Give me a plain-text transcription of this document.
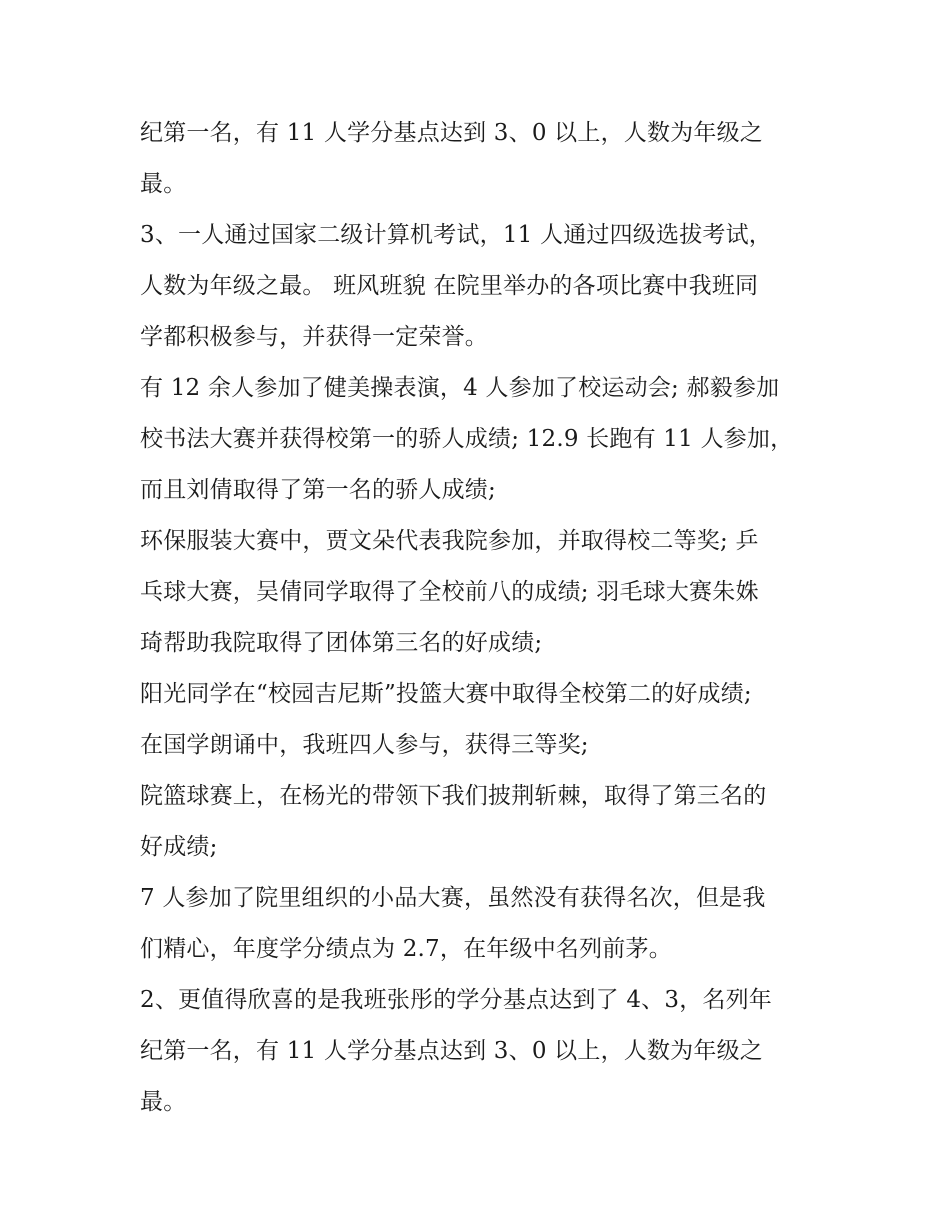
纪第一名，有 11 人学分基点达到 3、0 以上，人数为年级之
最。
3、一人通过国家二级计算机考试，11 人通过四级选拔考试，
人数为年级之最。 班风班貌 在院里举办的各项比赛中我班同
学都积极参与，并获得一定荣誉。
有 12 余人参加了健美操表演，4 人参加了校运动会; 郝毅参加
校书法大赛并获得校第一的骄人成绩; 12.9 长跑有 11 人参加，
而且刘倩取得了第一名的骄人成绩;
环保服装大赛中，贾文朵代表我院参加，并取得校二等奖; 乒
乓球大赛，吴倩同学取得了全校前八的成绩; 羽毛球大赛朱姝
琦帮助我院取得了团体第三名的好成绩;
阳光同学在“校园吉尼斯”投篮大赛中取得全校第二的好成绩;
在国学朗诵中，我班四人参与，获得三等奖;
院篮球赛上，在杨光的带领下我们披荆斩棘，取得了第三名的
好成绩;
7 人参加了院里组织的小品大赛，虽然没有获得名次，但是我
们精心，年度学分绩点为 2.7，在年级中名列前茅。
2、更值得欣喜的是我班张彤的学分基点达到了 4、3，名列年
纪第一名，有 11 人学分基点达到 3、0 以上，人数为年级之
最。
